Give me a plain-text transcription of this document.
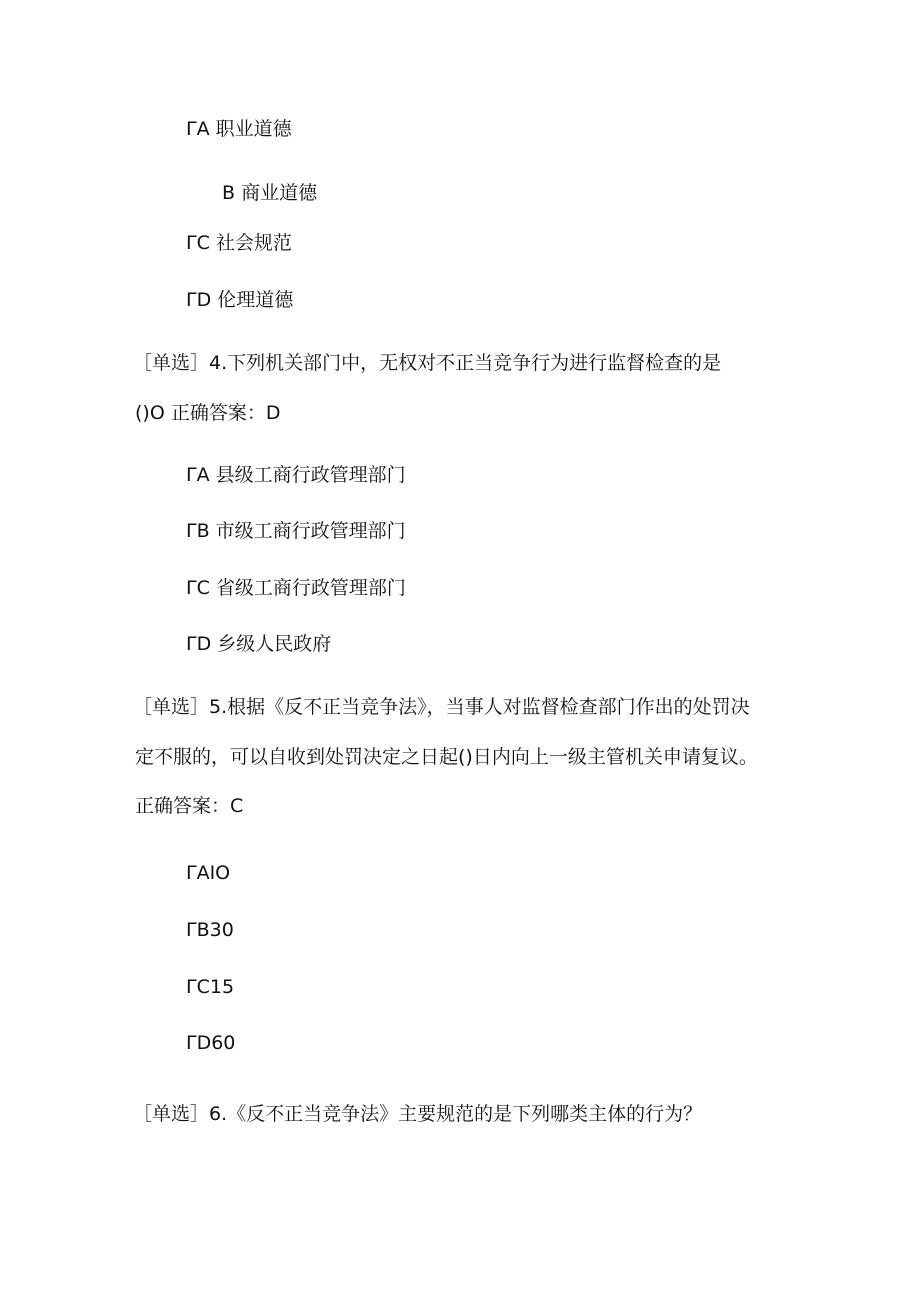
ΓA 职业道德
B 商业道德
ΓC 社会规范
ΓD 伦理道德
［单选］4.下列机关部门中，无权对不正当竞争行为进行监督检查的是
()O 正确答案：D
ΓA 县级工商行政管理部门
ΓB 市级工商行政管理部门
ΓC 省级工商行政管理部门
ΓD 乡级人民政府
［单选］5.根据《反不正当竞争法》，当事人对监督检查部门作出的处罚决
定不服的，可以自收到处罚决定之日起()日内向上一级主管机关申请复议。
正确答案：C
ΓAIO
ΓB30
ΓC15
ΓD60
［单选］6.《反不正当竞争法》主要规范的是下列哪类主体的行为？
